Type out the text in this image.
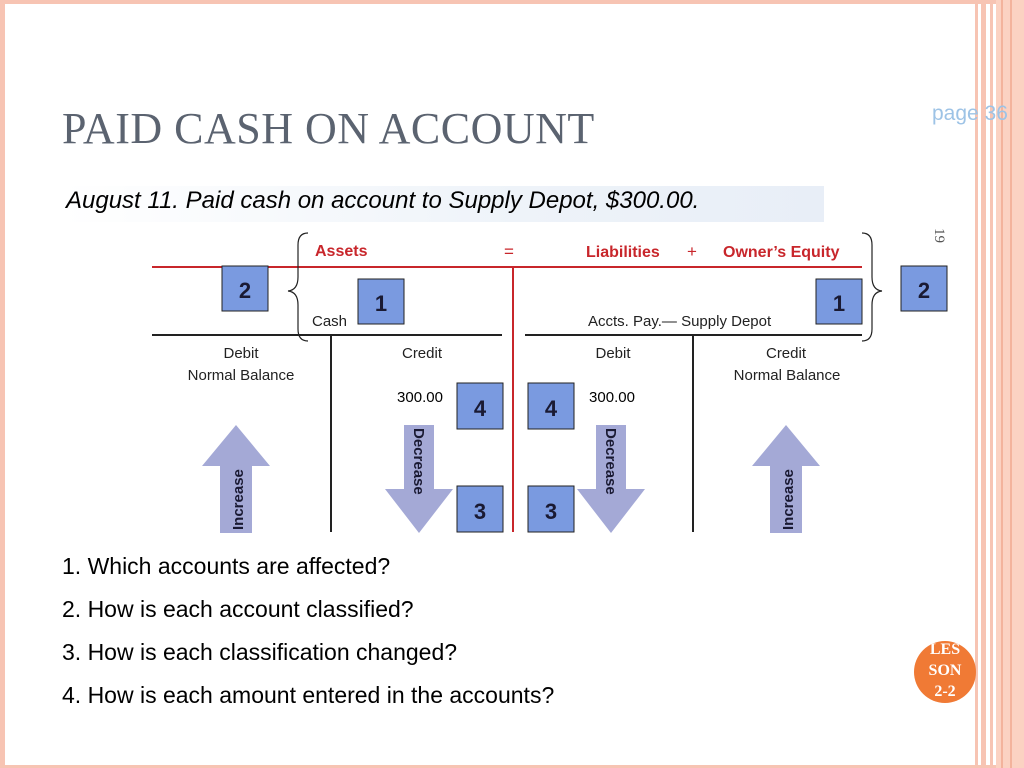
PAID CASH ON ACCOUNT	page 36
19
August 11. Paid cash on account to Supply Depot, $300.00.
Assets	=	Liabilities + Owner’s Equity
Cash
Debit
Normal Balance
Credit
300.00
Accts. Pay.— Supply Depot
Debit
300.00
Credit
Normal Balance
Increase
Decrease	Decrease
Increase
2
1	1
4	4
3	3
2
1. Which accounts are affected?
2. How is each account classified?
3. How is each classification changed?
4. How is each amount entered in the accounts?
LES
SON
2-2
